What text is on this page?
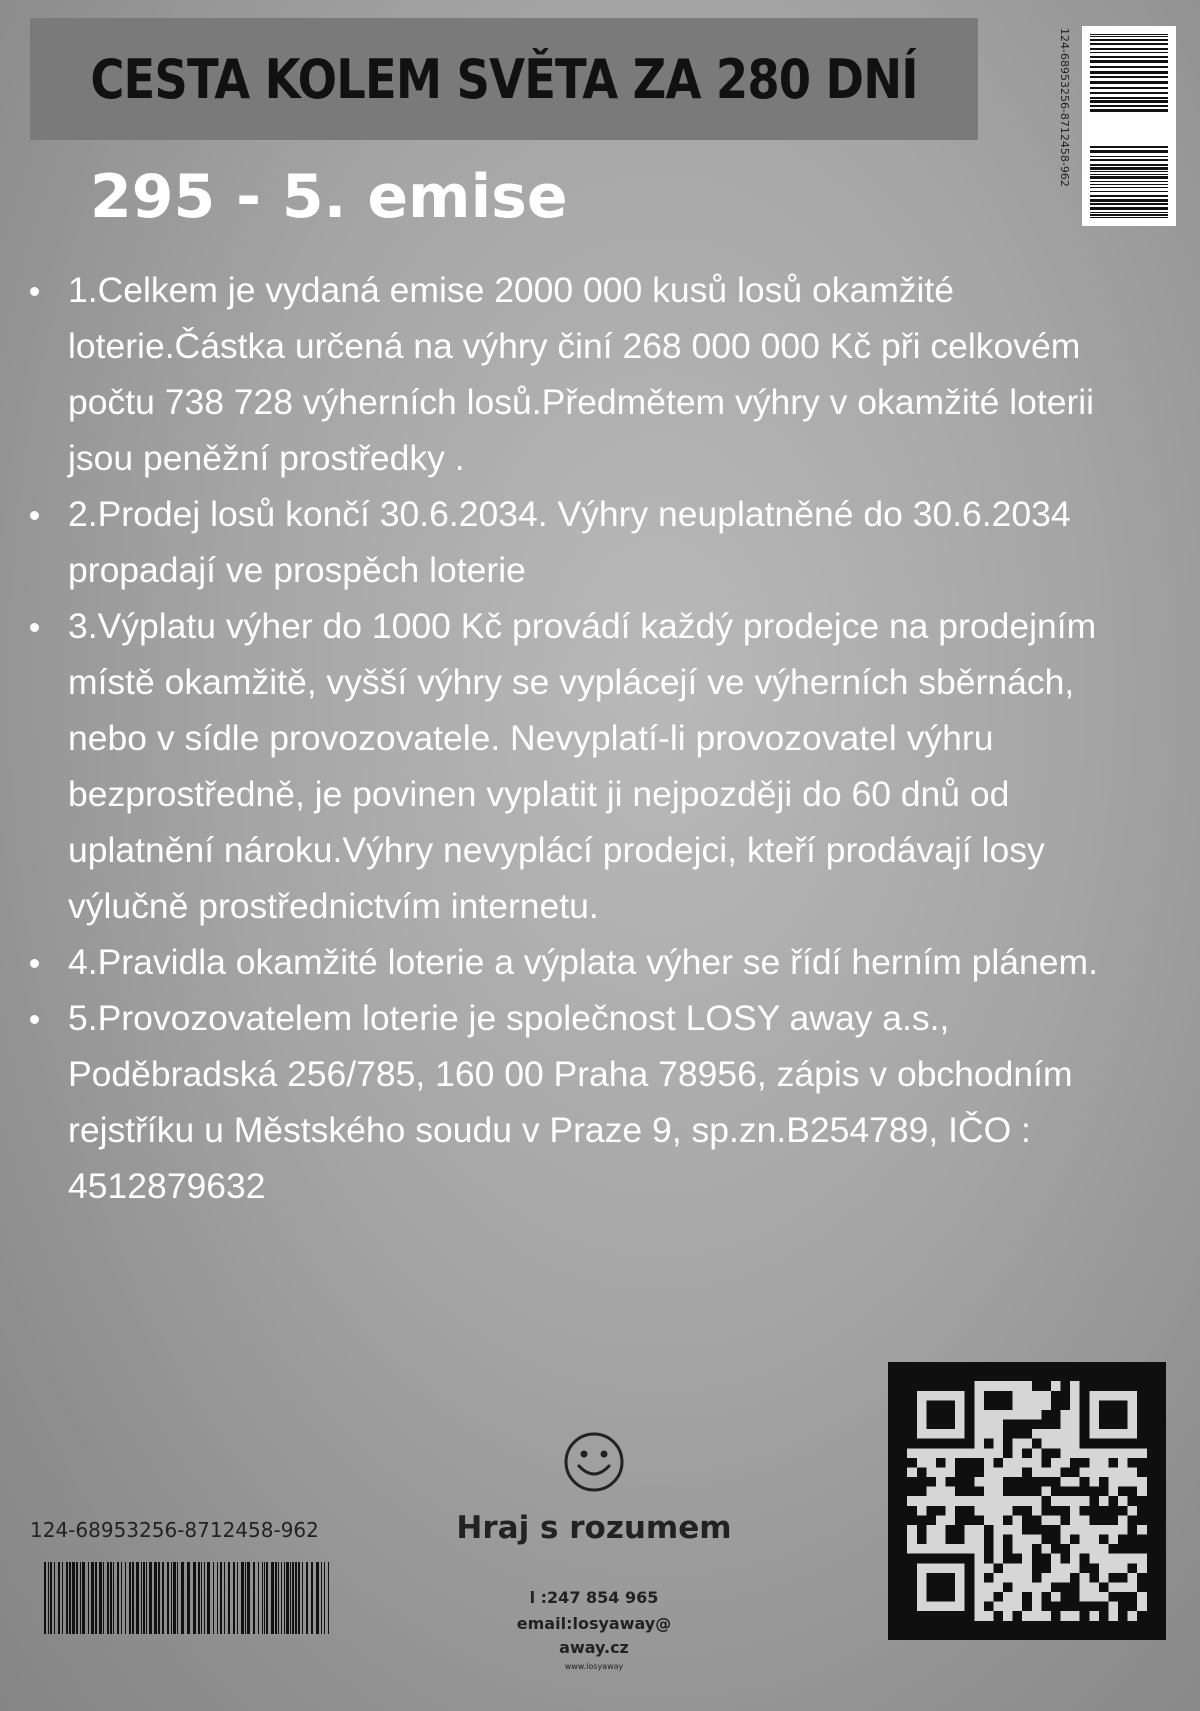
CESTA KOLEM SVĚTA ZA 280 DNÍ
295 - 5. emise
124-68953256-8712458-962
1.Celkem je vydaná emise 2000 000 kusů losů okamžité loterie.Částka určená na výhry činí 268 000 000 Kč při celkovém počtu 738 728 výherních losů.Předmětem výhry v okamžité loterii jsou peněžní prostředky .
2.Prodej losů končí 30.6.2034. Výhry neuplatněné do 30.6.2034 propadají ve prospěch loterie
3.Výplatu výher do 1000 Kč provádí každý prodejce na prodejním místě okamžitě, vyšší výhry se vyplácejí ve výherních sběrnách, nebo v sídle provozovatele. Nevyplatí-li provozovatel výhru bezprostředně, je povinen vyplatit ji nejpozději do 60 dnů od uplatnění nároku.Výhry nevyplácí prodejci, kteří prodávají losy výlučně prostřednictvím internetu.
4.Pravidla okamžité loterie a výplata výher se řídí herním plánem.
5.Provozovatelem loterie je společnost LOSY away a.s., Poděbradská 256/785, 160 00 Praha 78956, zápis v obchodním rejstříku u Městského soudu v Praze 9, sp.zn.B254789, IČO : 4512879632
124-68953256-8712458-962	Hraj s rozumem
l :247 854 965
email:losyaway@
away.cz
www.losyaway
